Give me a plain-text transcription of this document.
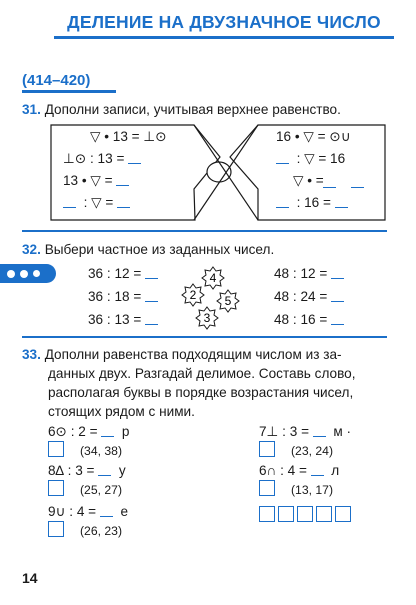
ДЕЛЕНИЕ НА ДВУЗНАЧНОЕ ЧИСЛО
(414–420)
31. Дополни записи, учитывая верхнее равенство.
▽ • 13 = ⊥⊙
⊥⊙ : 13 =
13 • ▽ =
: ▽ =
16 • ▽ = ⊙∪
: ▽ = 16
▽ • =
: 16 =
32. Выбери частное из заданных чисел.
36 : 12 =
36 : 18 =
36 : 13 =
48 : 12 =
48 : 24 =
48 : 16 =
4
2 5
3
33. Дополни равенства подходящим числом из за-
данных двух. Разгадай делимое. Составь слово,
располагая буквы в порядке возрастания чисел,
стоящих рядом с ними.
6⊙ : 2 = р
(34, 38)
8∆ : 3 = у
(25, 27)
9∪ : 4 = е
(26, 23)
7⊥ : 3 = м ·
(23, 24)
6∩ : 4 = л
(13, 17)
14
